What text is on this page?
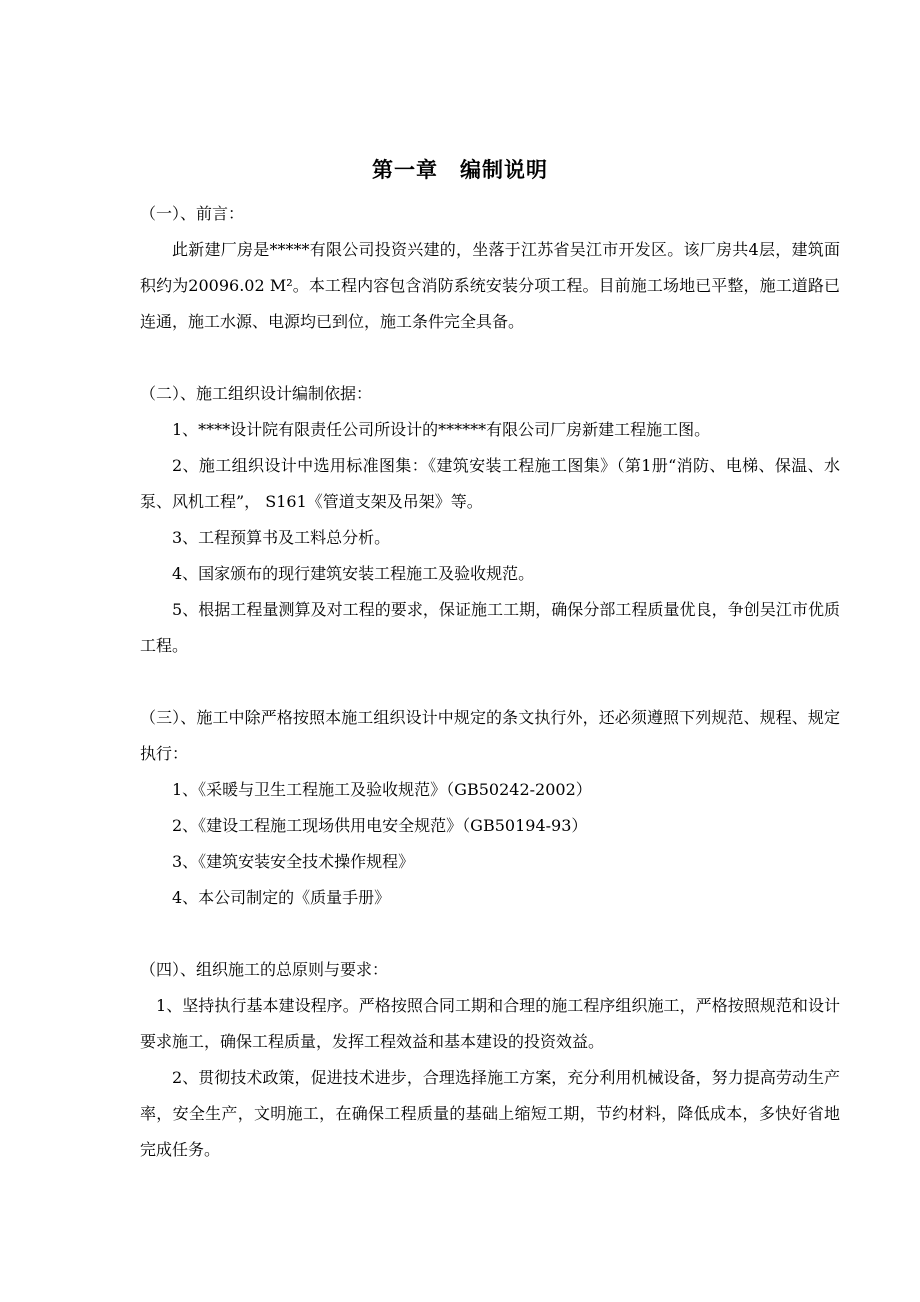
第一章　编制说明

（一）、前言：

此新建厂房是*****有限公司投资兴建的，坐落于江苏省吴江市开发区。该厂房共4层，建筑面积约为20096.02 M²。本工程内容包含消防系统安装分项工程。目前施工场地已平整，施工道路已连通，施工水源、电源均已到位，施工条件完全具备。

（二）、施工组织设计编制依据：

1、****设计院有限责任公司所设计的******有限公司厂房新建工程施工图。

2、施工组织设计中选用标准图集：《建筑安装工程施工图集》（第1册“消防、电梯、保温、水泵、风机工程”， S161《管道支架及吊架》等。

3、工程预算书及工料总分析。

4、国家颁布的现行建筑安装工程施工及验收规范。

5、根据工程量测算及对工程的要求，保证施工工期，确保分部工程质量优良，争创吴江市优质工程。

（三）、施工中除严格按照本施工组织设计中规定的条文执行外，还必须遵照下列规范、规程、规定执行：

1、《采暖与卫生工程施工及验收规范》（GB50242-2002）

2、《建设工程施工现场供用电安全规范》（GB50194-93）

3、《建筑安装安全技术操作规程》

4、本公司制定的《质量手册》

（四）、组织施工的总原则与要求：

1、坚持执行基本建设程序。严格按照合同工期和合理的施工程序组织施工，严格按照规范和设计要求施工，确保工程质量，发挥工程效益和基本建设的投资效益。

2、贯彻技术政策，促进技术进步，合理选择施工方案，充分利用机械设备，努力提高劳动生产率，安全生产，文明施工，在确保工程质量的基础上缩短工期，节约材料，降低成本，多快好省地完成任务。
